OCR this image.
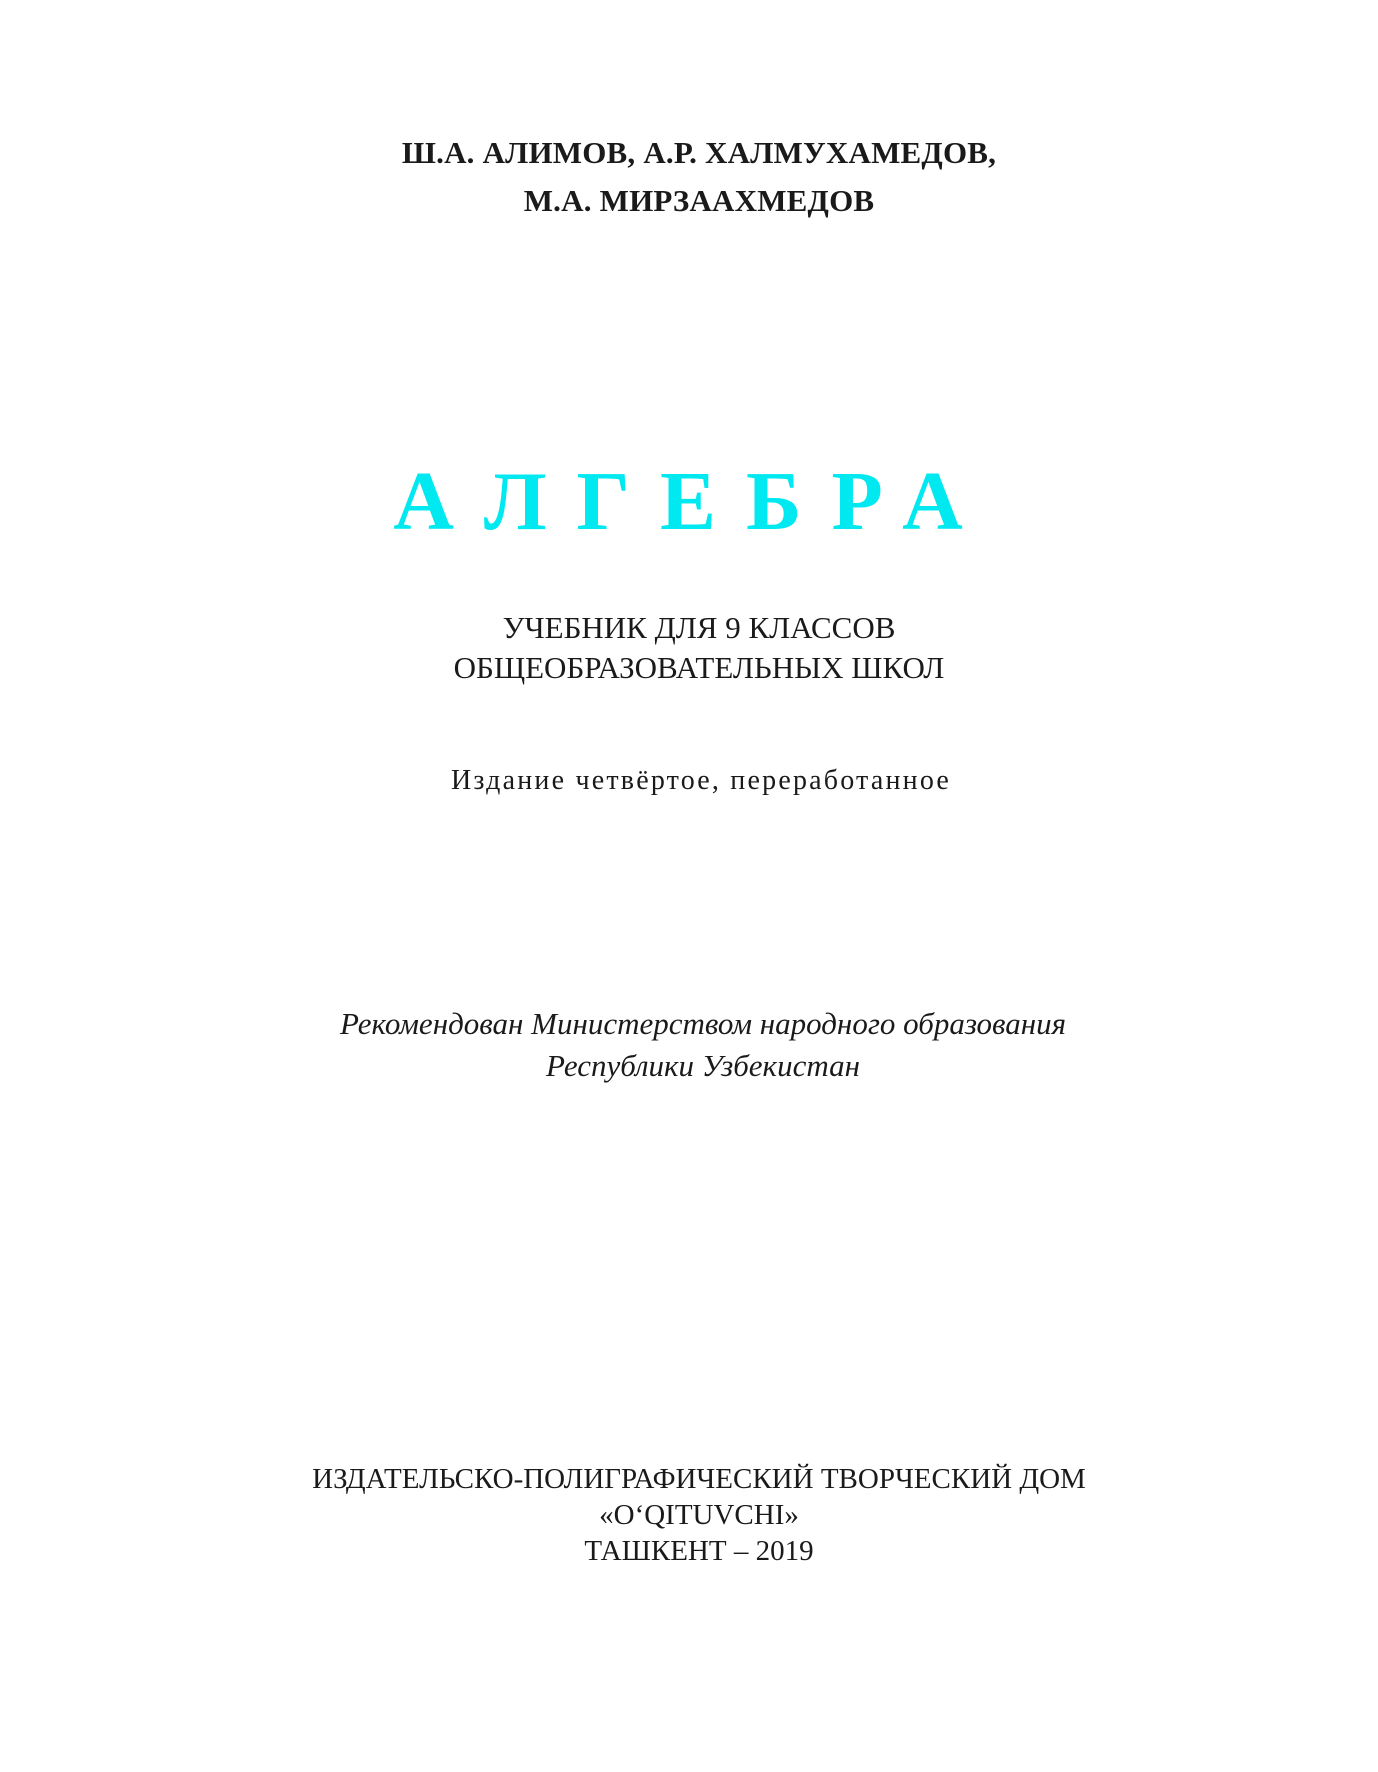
Ш.А. АЛИМОВ, А.Р. ХАЛМУХАМЕДОВ,
М.А. МИРЗААХМЕДОВ
АЛГЕБРА
УЧЕБНИК ДЛЯ 9 КЛАССОВ
ОБЩЕОБРАЗОВАТЕЛЬНЫХ ШКОЛ
Издание четвёртое, переработанное
Рекомендован Министерством народного образования
Республики Узбекистан
ИЗДАТЕЛЬСКО-ПОЛИГРАФИЧЕСКИЙ ТВОРЧЕСКИЙ ДОМ
«O‘QITUVCHI»
ТАШКЕНТ – 2019
